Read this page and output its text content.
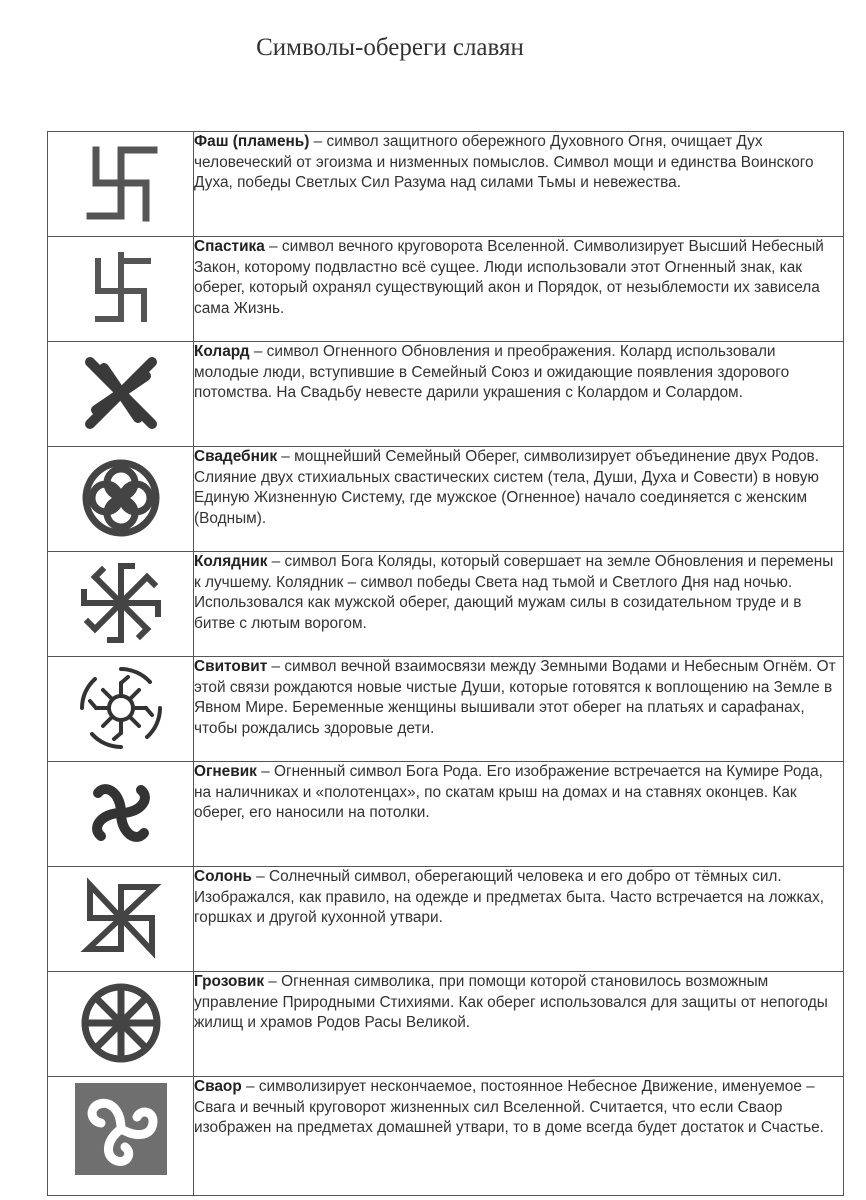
Символы-обереги славян
	Фаш (пламень) – символ защитного обережного Духовного Огня, очищает Дух человеческий от эгоизма и низменных помыслов. Символ мощи и единства Воинского Духа, победы Светлых Сил Разума над силами Тьмы и невежества.

	Спастика – символ вечного круговорота Вселенной. Символизирует Высший Небесный Закон, которому подвластно всё сущее. Люди использовали этот Огненный знак, как оберег, который охранял существующий акон и Порядок, от незыблемости их зависела сама Жизнь.

	Колард – символ Огненного Обновления и преображения. Колард использовали молодые люди, вступившие в Семейный Союз и ожидающие появления здорового потомства. На Свадьбу невесте дарили украшения с Колардом и Солардом.

	Свадебник – мощнейший Семейный Оберег, символизирует объединение двух Родов. Слияние двух стихиальных свастических систем (тела, Души, Духа и Совести) в новую Единую Жизненную Систему, где мужское (Огненное) начало соединяется с женским (Водным).

	Колядник – символ Бога Коляды, который совершает на земле Обновления и перемены к лучшему. Колядник – символ победы Света над тьмой и Светлого Дня над ночью. Использовался как мужской оберег, дающий мужам силы в созидательном труде и в битве с лютым ворогом.

	Свитовит – символ вечной взаимосвязи между Земными Водами и Небесным Огнём. От этой связи рождаются новые чистые Души, которые готовятся к воплощению на Земле в Явном Мире. Беременные женщины вышивали этот оберег на платьях и сарафанах, чтобы рождались здоровые дети.

	Огневик – Огненный символ Бога Рода. Его изображение встречается на Кумире Рода, на наличниках и «полотенцах», по скатам крыш на домах и на ставнях оконцев. Как оберег, его наносили на потолки.

	Солонь – Солнечный символ, оберегающий человека и его добро от тёмных сил. Изображался, как правило, на одежде и предметах быта. Часто встречается на ложках, горшках и другой кухонной утвари.

	Грозовик – Огненная символика, при помощи которой становилось возможным управление Природными Стихиями. Как оберег использовался для защиты от непогоды жилищ и храмов Родов Расы Великой.

	Сваор – символизирует нескончаемое, постоянное Небесное Движение, именуемое – Свага и вечный круговорот жизненных сил Вселенной. Считается, что если Сваор изображен на предметах домашней утвари, то в доме всегда будет достаток и Счастье.
